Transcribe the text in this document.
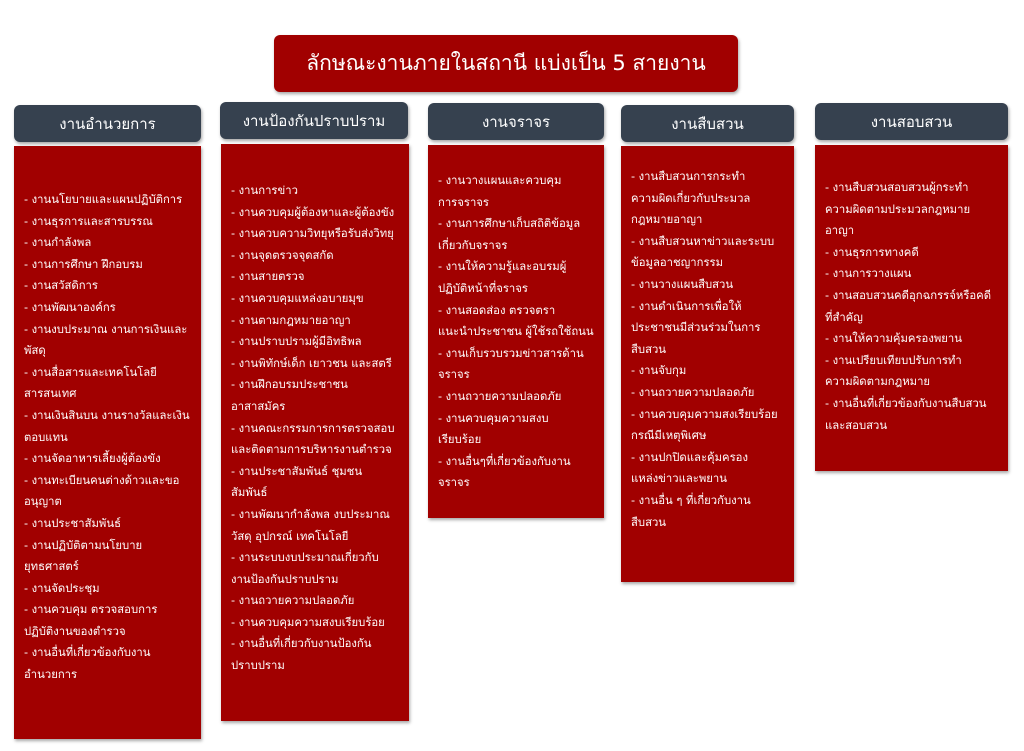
ลักษณะงานภายในสถานี แบ่งเป็น 5 สายงาน
งานอำนวยการ
- งานนโยบายและแผนปฏิบัติการ
- งานธุรการและสารบรรณ
- งานกำลังพล
- งานการศึกษา ฝึกอบรม
- งานสวัสดิการ
- งานพัฒนาองค์กร
- งานงบประมาณ งานการเงินและ
พัสดุ
- งานสื่อสารและเทคโนโลยี
สารสนเทศ
- งานเงินสินบน งานรางวัลและเงิน
ตอบแทน
- งานจัดอาหารเลี้ยงผู้ต้องขัง
- งานทะเบียนคนต่างด้าวและขอ
อนุญาต
- งานประชาสัมพันธ์
- งานปฏิบัติตามนโยบาย
ยุทธศาสตร์
- งานจัดประชุม
- งานควบคุม ตรวจสอบการ
ปฏิบัติงานของตำรวจ
- งานอื่นที่เกี่ยวข้องกับงาน
อำนวยการ
งานป้องกันปราบปราม
- งานการข่าว
- งานควบคุมผู้ต้องหาและผู้ต้องขัง
- งานควบความวิทยุหรือรับส่งวิทยุ
- งานจุดตรวจจุดสกัด
- งานสายตรวจ
- งานควบคุมแหล่งอบายมุข
- งานตามกฎหมายอาญา
- งานปราบปรามผู้มีอิทธิพล
- งานพิทักษ์เด็ก เยาวชน และสตรี
- งานฝึกอบรมประชาชน
อาสาสมัคร
- งานคณะกรรมการการตรวจสอบ
และติดตามการบริหารงานตำรวจ
- งานประชาสัมพันธ์ ชุมชน
สัมพันธ์
- งานพัฒนากำลังพล งบประมาณ
วัสดุ อุปกรณ์ เทคโนโลยี
- งานระบบงบประมาณเกี่ยวกับ
งานป้องกันปราบปราม
- งานถวายความปลอดภัย
- งานควบคุมความสงบเรียบร้อย
- งานอื่นที่เกี่ยวกับงานป้องกัน
ปราบปราม
งานจราจร
- งานวางแผนและควบคุม
การจราจร
- งานการศึกษาเก็บสถิติข้อมูล
เกี่ยวกับจราจร
- งานให้ความรู้และอบรมผู้
ปฏิบัติหน้าที่จราจร
- งานสอดส่อง ตรวจตรา
แนะนำประชาชน ผู้ใช้รถใช้ถนน
- งานเก็บรวบรวมข่าวสารด้าน
จราจร
- งานถวายความปลอดภัย
- งานควบคุมความสงบ
เรียบร้อย
- งานอื่นๆที่เกี่ยวข้องกับงาน
จราจร
งานสืบสวน
- งานสืบสวนการกระทำ
ความผิดเกี่ยวกับประมวล
กฎหมายอาญา
- งานสืบสวนหาข่าวและระบบ
ข้อมูลอาชญากรรม
- งานวางแผนสืบสวน
- งานดำเนินการเพื่อให้
ประชาชนมีส่วนร่วมในการ
สืบสวน
- งานจับกุม
- งานถวายความปลอดภัย
- งานควบคุมความสงเรียบร้อย
กรณีมีเหตุพิเศษ
- งานปกปิดและคุ้มครอง
แหล่งข่าวและพยาน
- งานอื่น ๆ ที่เกี่ยวกับงาน
สืบสวน
งานสอบสวน
- งานสืบสวนสอบสวนผู้กระทำ
ความผิดตามประมวลกฎหมาย
อาญา
- งานธุรการทางคดี
- งานการวางแผน
- งานสอบสวนคดีอุกฉกรรจ์หรือคดี
ที่สำคัญ
- งานให้ความคุ้มครองพยาน
- งานเปรียบเทียบปรับการทำ
ความผิดตามกฎหมาย
- งานอื่นที่เกี่ยวข้องกับงานสืบสวน
และสอบสวน
